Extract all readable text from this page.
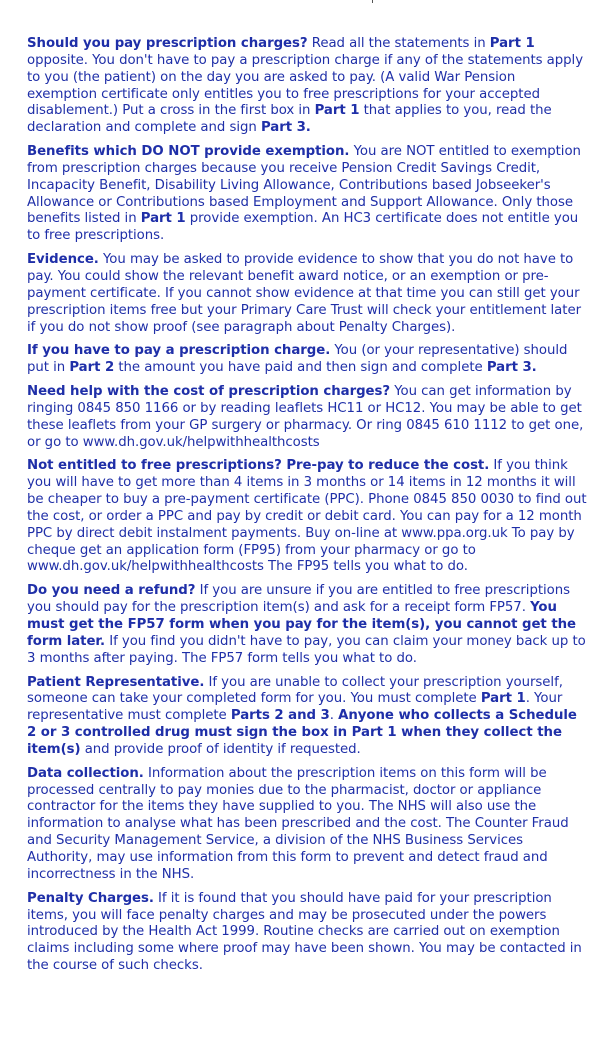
Should you pay prescription charges? Read all the statements in Part 1 opposite. You don't have to pay a prescription charge if any of the statements apply to you (the patient) on the day you are asked to pay. (A valid War Pension exemption certificate only entitles you to free prescriptions for your accepted disablement.) Put a cross in the first box in Part 1 that applies to you, read the declaration and complete and sign Part 3.

Benefits which DO NOT provide exemption. You are NOT entitled to exemption from prescription charges because you receive Pension Credit Savings Credit, Incapacity Benefit, Disability Living Allowance, Contributions based Jobseeker's Allowance or Contributions based Employment and Support Allowance. Only those benefits listed in Part 1 provide exemption. An HC3 certificate does not entitle you to free prescriptions.

Evidence. You may be asked to provide evidence to show that you do not have to pay. You could show the relevant benefit award notice, or an exemption or pre-payment certificate. If you cannot show evidence at that time you can still get your prescription items free but your Primary Care Trust will check your entitlement later if you do not show proof (see paragraph about Penalty Charges).

If you have to pay a prescription charge. You (or your representative) should put in Part 2 the amount you have paid and then sign and complete Part 3.

Need help with the cost of prescription charges? You can get information by ringing 0845 850 1166 or by reading leaflets HC11 or HC12. You may be able to get these leaflets from your GP surgery or pharmacy. Or ring 0845 610 1112 to get one, or go to www.dh.gov.uk/helpwithhealthcosts

Not entitled to free prescriptions? Pre-pay to reduce the cost. If you think you will have to get more than 4 items in 3 months or 14 items in 12 months it will be cheaper to buy a pre-payment certificate (PPC). Phone 0845 850 0030 to find out the cost, or order a PPC and pay by credit or debit card. You can pay for a 12 month PPC by direct debit instalment payments. Buy on-line at www.ppa.org.uk To pay by cheque get an application form (FP95) from your pharmacy or go to www.dh.gov.uk/helpwithhealthcosts The FP95 tells you what to do.

Do you need a refund? If you are unsure if you are entitled to free prescriptions you should pay for the prescription item(s) and ask for a receipt form FP57. You must get the FP57 form when you pay for the item(s), you cannot get the form later. If you find you didn't have to pay, you can claim your money back up to 3 months after paying. The FP57 form tells you what to do.

Patient Representative. If you are unable to collect your prescription yourself, someone can take your completed form for you. You must complete Part 1. Your representative must complete Parts 2 and 3. Anyone who collects a Schedule 2 or 3 controlled drug must sign the box in Part 1 when they collect the item(s) and provide proof of identity if requested.

Data collection. Information about the prescription items on this form will be processed centrally to pay monies due to the pharmacist, doctor or appliance contractor for the items they have supplied to you. The NHS will also use the information to analyse what has been prescribed and the cost. The Counter Fraud and Security Management Service, a division of the NHS Business Services Authority, may use information from this form to prevent and detect fraud and incorrectness in the NHS.

Penalty Charges. If it is found that you should have paid for your prescription items, you will face penalty charges and may be prosecuted under the powers introduced by the Health Act 1999. Routine checks are carried out on exemption claims including some where proof may have been shown. You may be contacted in the course of such checks.
